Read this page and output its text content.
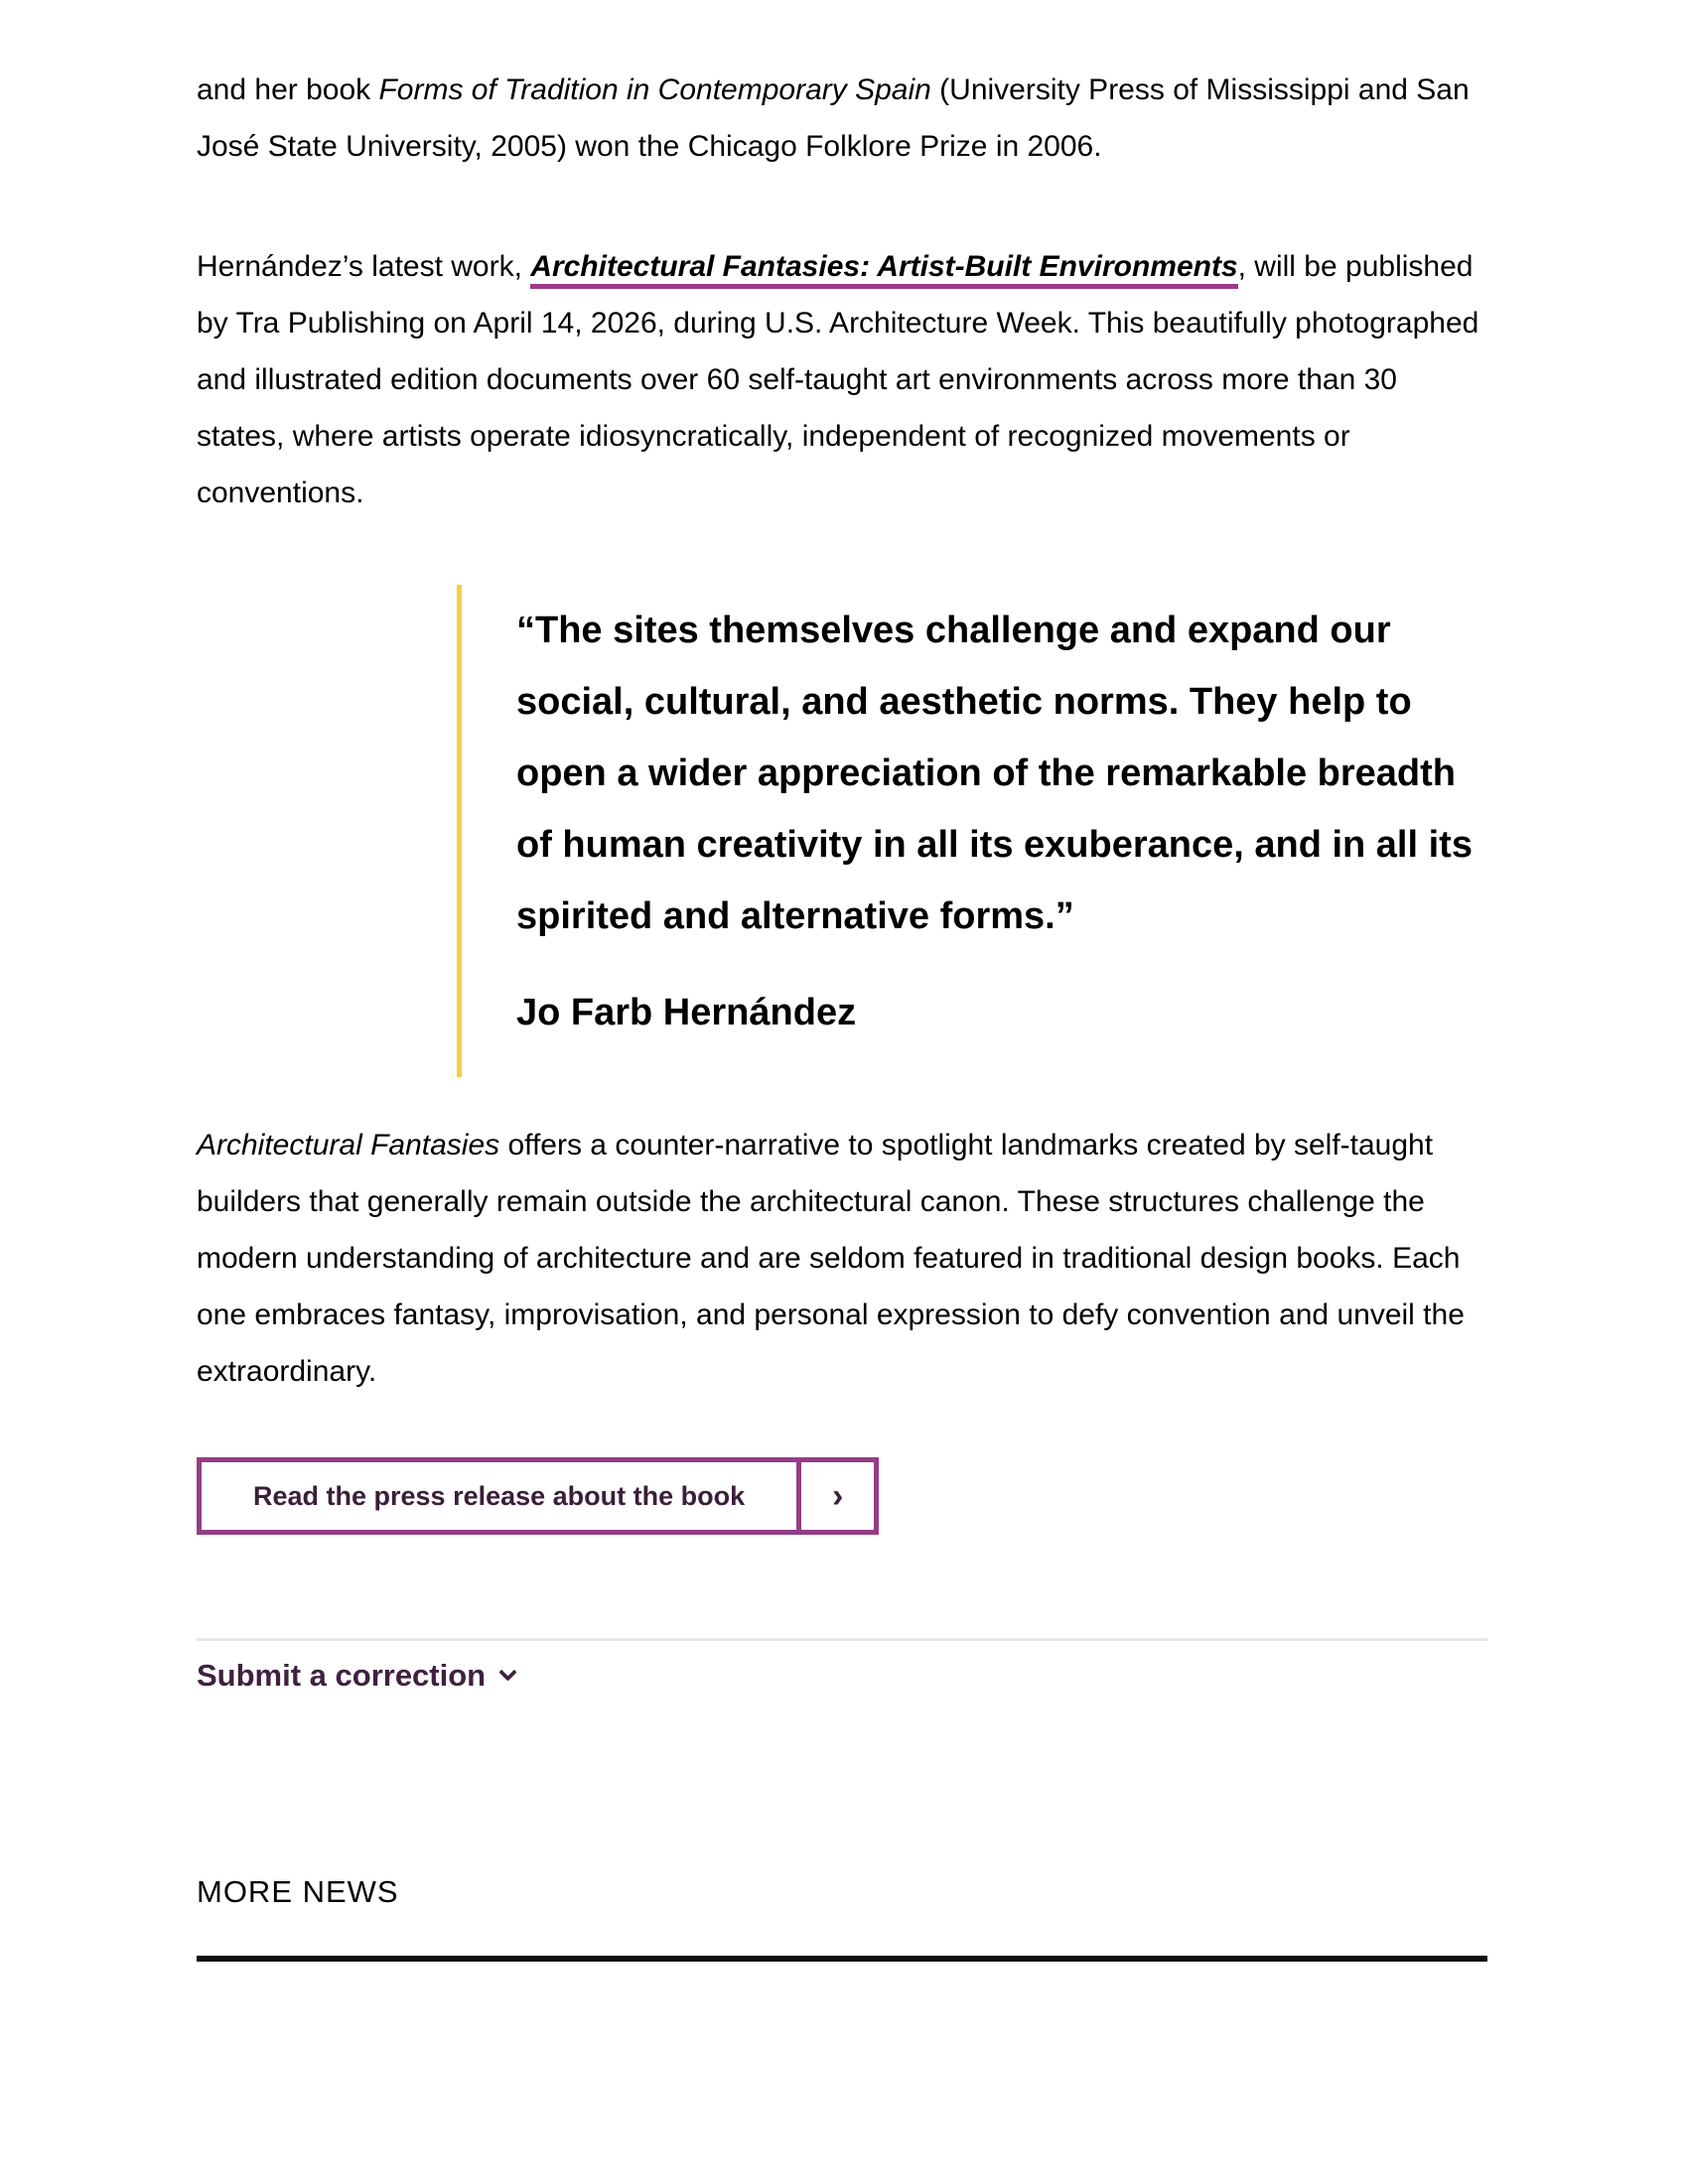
and her book Forms of Tradition in Contemporary Spain (University Press of Mississippi and San José State University, 2005) won the Chicago Folklore Prize in 2006.

Hernández’s latest work, Architectural Fantasies: Artist-Built Environments, will be published by Tra Publishing on April 14, 2026, during U.S. Architecture Week. This beautifully photographed and illustrated edition documents over 60 self-taught art environments across more than 30 states, where artists operate idiosyncratically, independent of recognized movements or conventions.

“The sites themselves challenge and expand our social, cultural, and aesthetic norms. They help to open a wider appreciation of the remarkable breadth of human creativity in all its exuberance, and in all its spirited and alternative forms.”

Jo Farb Hernández

Architectural Fantasies offers a counter-narrative to spotlight landmarks created by self-taught builders that generally remain outside the architectural canon. These structures challenge the modern understanding of architecture and are seldom featured in traditional design books. Each one embraces fantasy, improvisation, and personal expression to defy convention and unveil the extraordinary.

Read the press release about the book	›
Submit a correction
MORE NEWS
